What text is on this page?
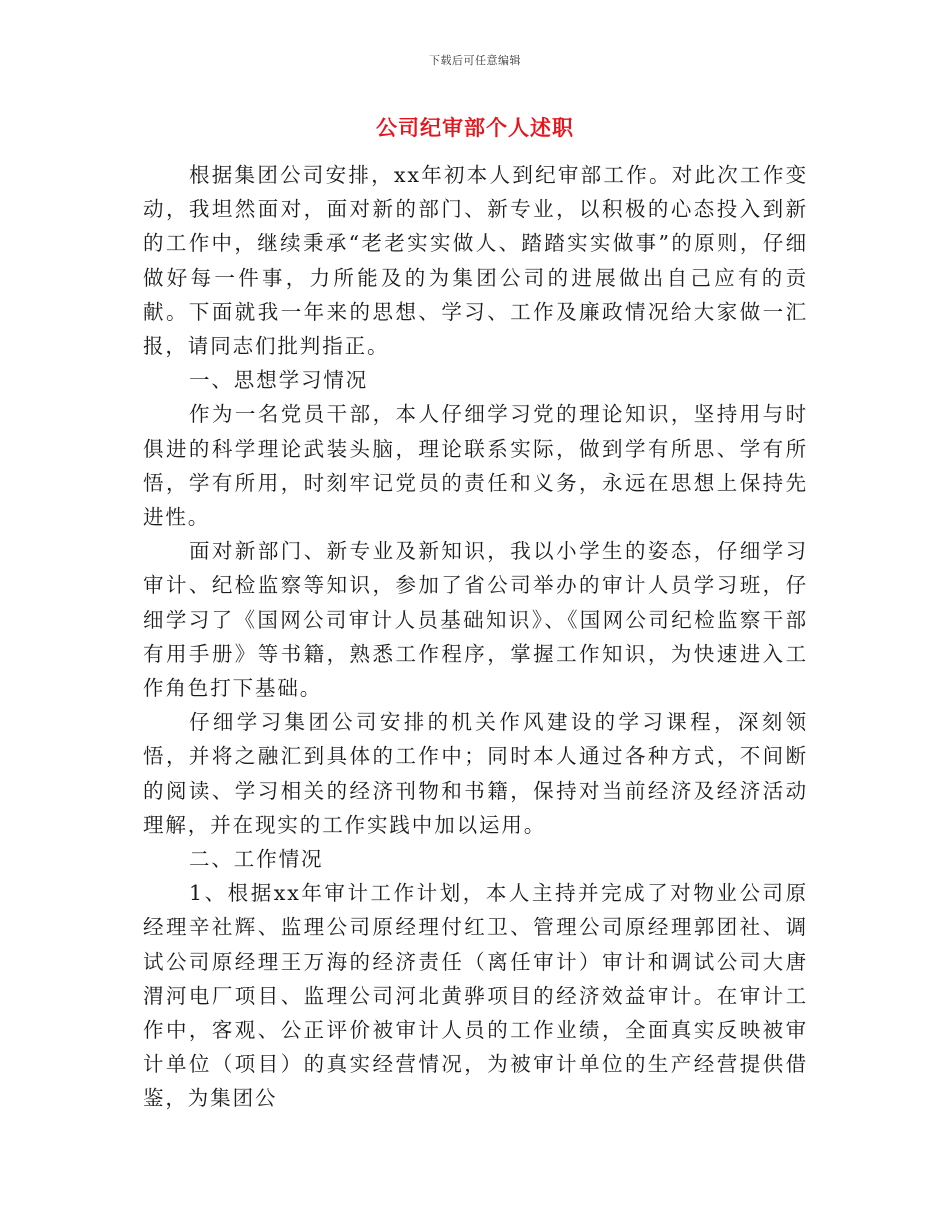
下载后可任意编辑
公司纪审部个人述职

根据集团公司安排，xx年初本人到纪审部工作。对此次工作变动，我坦然面对，面对新的部门、新专业，以积极的心态投入到新的工作中，继续秉承“老老实实做人、踏踏实实做事”的原则，仔细做好每一件事，力所能及的为集团公司的进展做出自己应有的贡献。下面就我一年来的思想、学习、工作及廉政情况给大家做一汇报，请同志们批判指正。

一、思想学习情况

作为一名党员干部，本人仔细学习党的理论知识，坚持用与时俱进的科学理论武装头脑，理论联系实际，做到学有所思、学有所悟，学有所用，时刻牢记党员的责任和义务，永远在思想上保持先进性。

面对新部门、新专业及新知识，我以小学生的姿态，仔细学习审计、纪检监察等知识，参加了省公司举办的审计人员学习班，仔细学习了《国网公司审计人员基础知识》、《国网公司纪检监察干部有用手册》等书籍，熟悉工作程序，掌握工作知识，为快速进入工作角色打下基础。

仔细学习集团公司安排的机关作风建设的学习课程，深刻领悟，并将之融汇到具体的工作中；同时本人通过各种方式，不间断的阅读、学习相关的经济刊物和书籍，保持对当前经济及经济活动理解，并在现实的工作实践中加以运用。

二、工作情况

1、根据xx年审计工作计划，本人主持并完成了对物业公司原经理辛社辉、监理公司原经理付红卫、管理公司原经理郭团社、调试公司原经理王万海的经济责任（离任审计）审计和调试公司大唐渭河电厂项目、监理公司河北黄骅项目的经济效益审计。在审计工作中，客观、公正评价被审计人员的工作业绩，全面真实反映被审计单位（项目）的真实经营情况，为被审计单位的生产经营提供借鉴，为集团公
